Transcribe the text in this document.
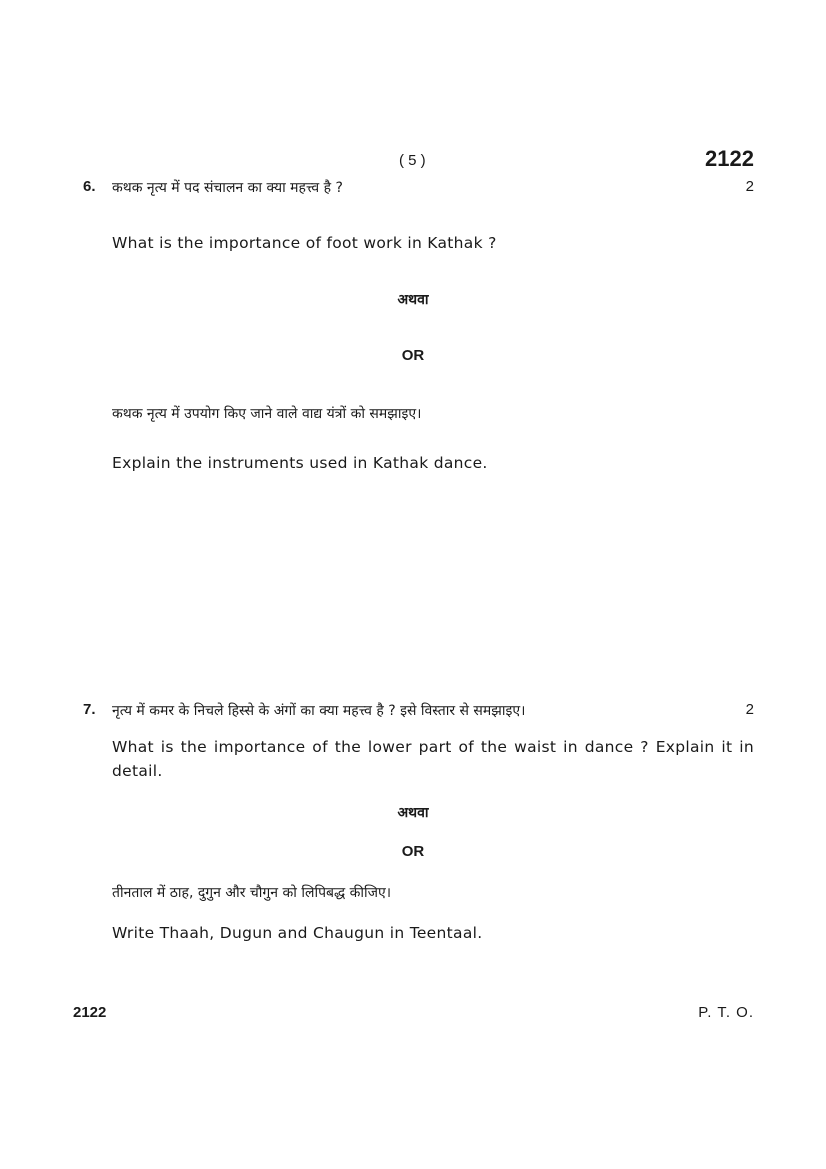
( 5 )	2122
6. कथक नृत्य में पद संचालन का क्या महत्त्व है ?	2
What is the importance of foot work in Kathak ?
अथवा
OR
कथक नृत्य में उपयोग किए जाने वाले वाद्य यंत्रों को समझाइए।
Explain the instruments used in Kathak dance.
7. नृत्य में कमर के निचले हिस्से के अंगों का क्या महत्त्व है ? इसे विस्तार से समझाइए।	2
What is the importance of the lower part of the waist in dance ? Explain it in detail.
अथवा
OR
तीनताल में ठाह, दुगुन और चौगुन को लिपिबद्ध कीजिए।
Write Thaah, Dugun and Chaugun in Teentaal.
2122	P. T. O.
